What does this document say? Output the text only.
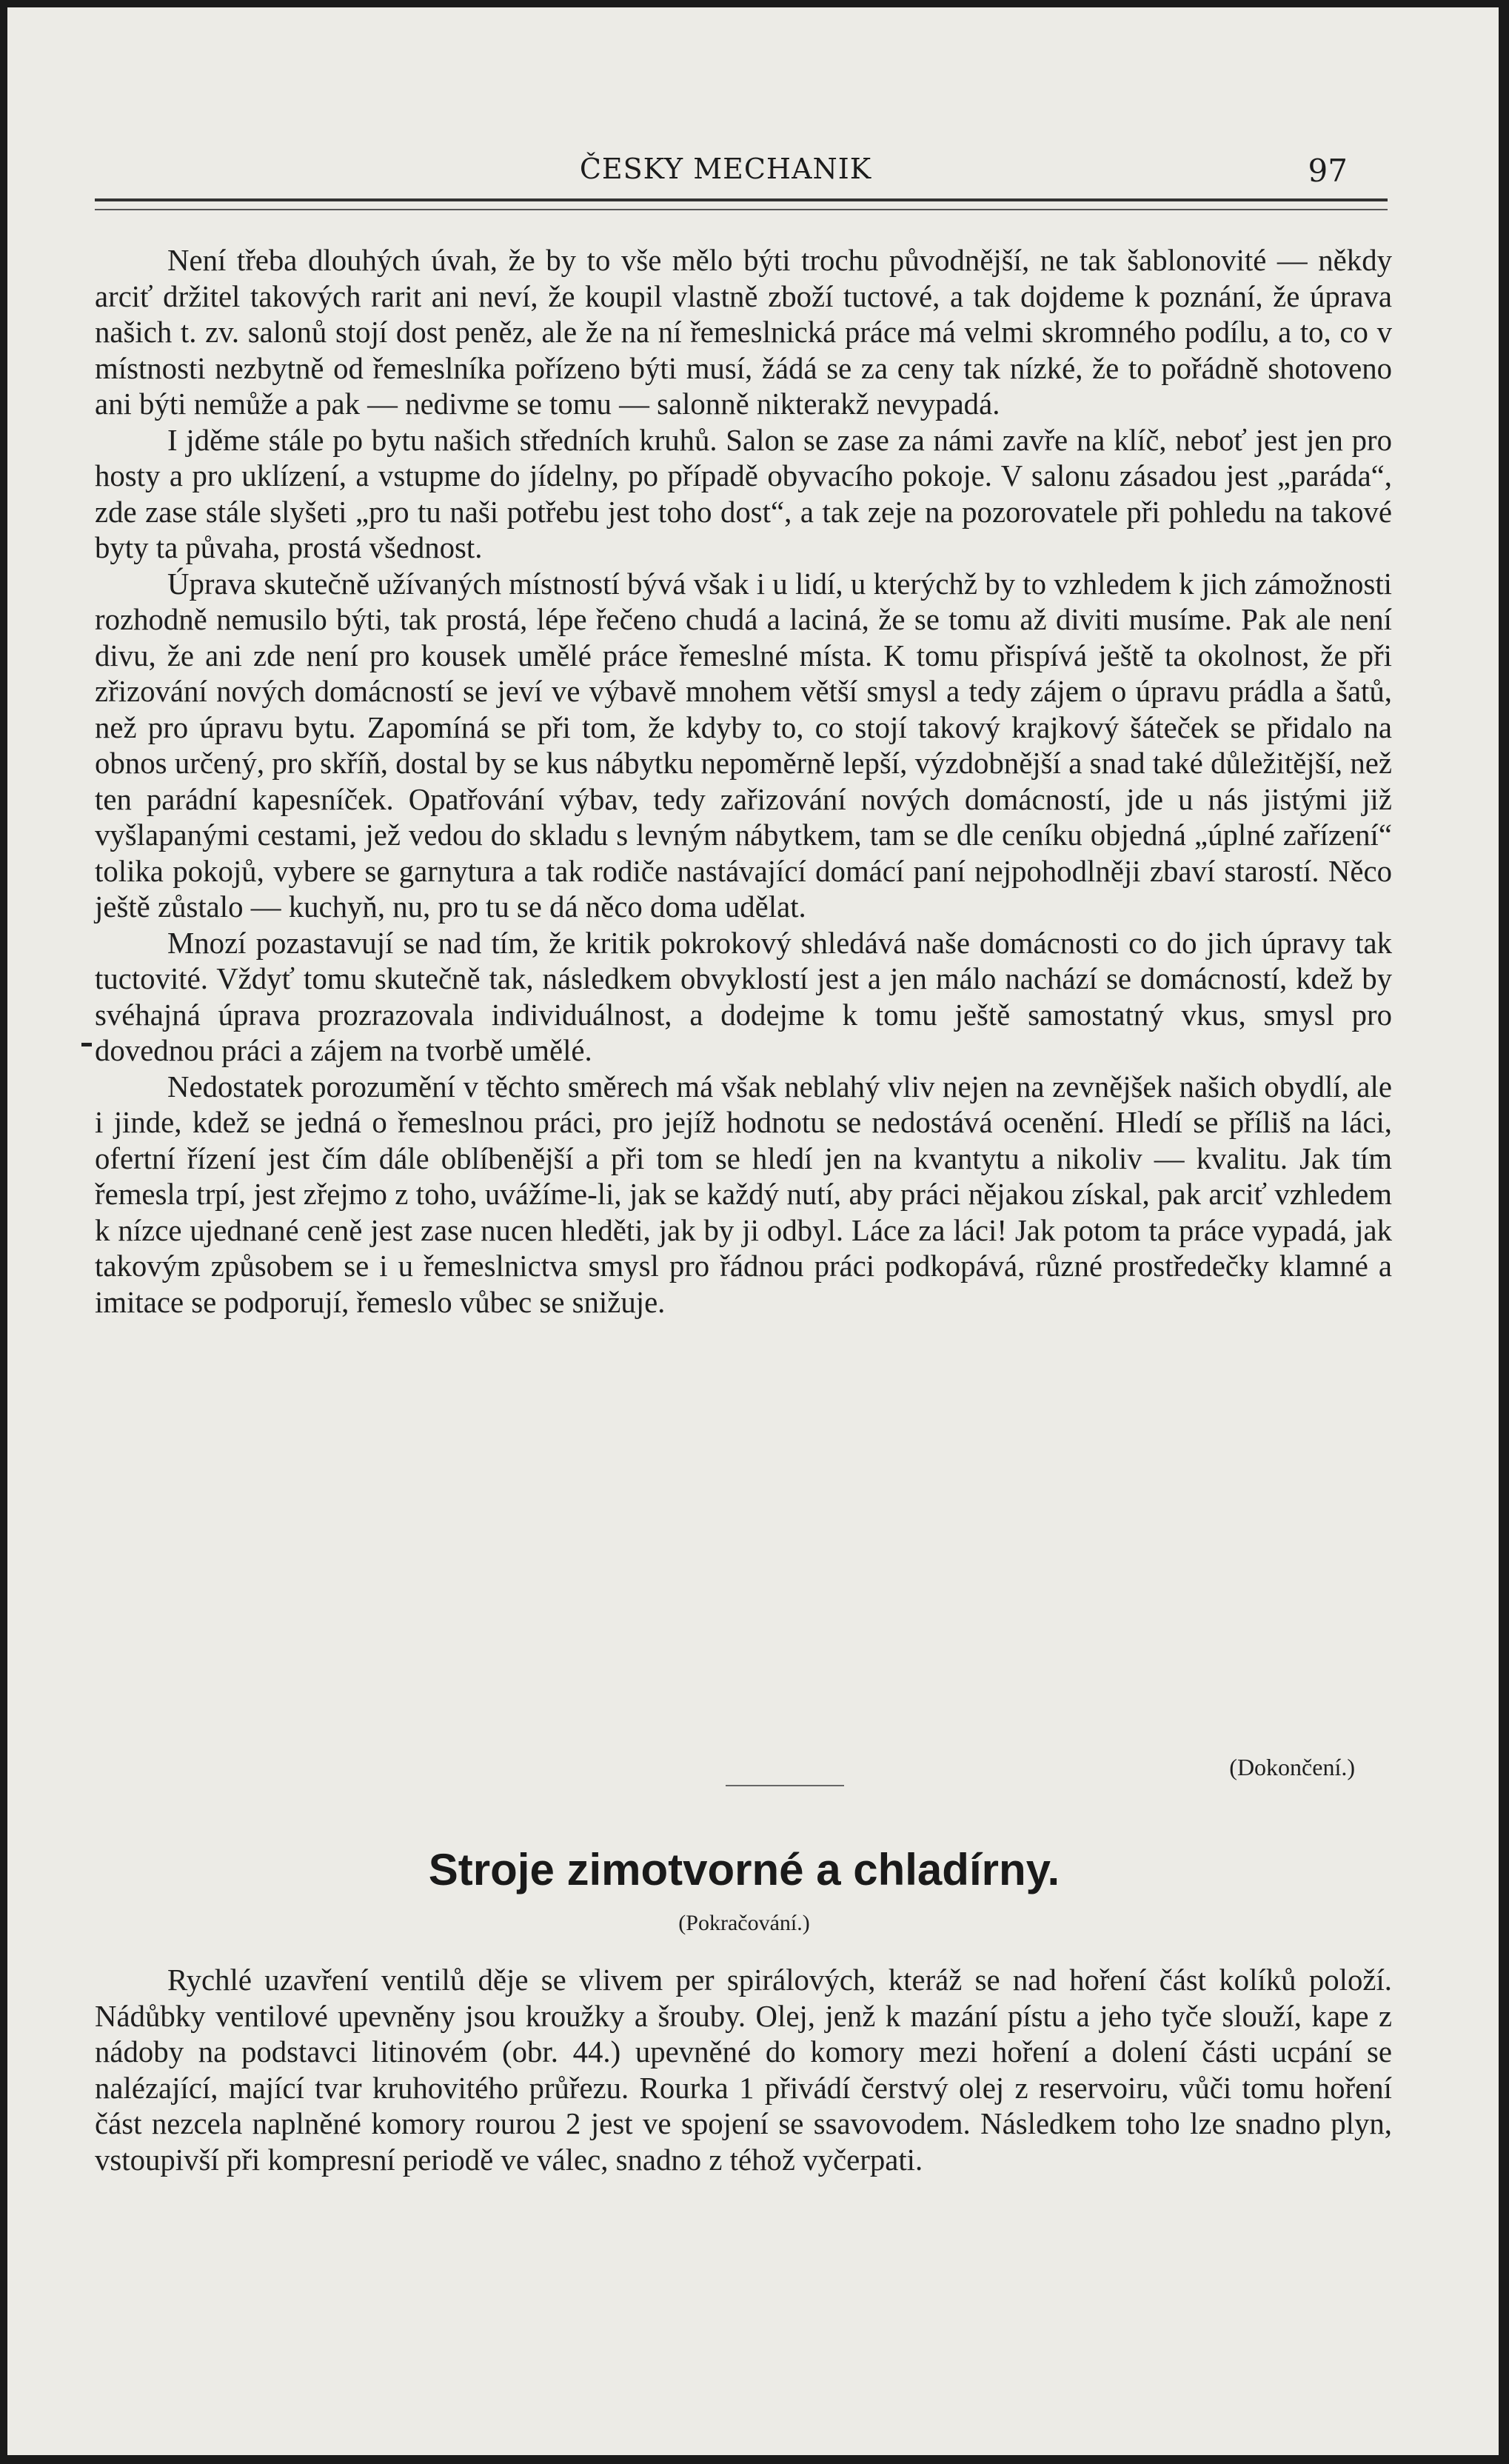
ČESKY MECHANIK	97

Není třeba dlouhých úvah, že by to vše mělo býti trochu původnější, ne tak šablonovité — někdy arciť držitel takových rarit ani neví, že koupil vlastně zboží tuctové, a tak dojdeme k poznání, že úprava našich t. zv. salonů stojí dost peněz, ale že na ní řemeslnická práce má velmi skromného podílu, a to, co v místnosti nezbytně od řemeslníka pořízeno býti musí, žádá se za ceny tak nízké, že to pořádně shotoveno ani býti nemůže a pak — nedivme se tomu — salonně nikterakž nevypadá.

I jděme stále po bytu našich středních kruhů. Salon se zase za námi zavře na klíč, neboť jest jen pro hosty a pro uklízení, a vstupme do jídelny, po případě obyvacího pokoje. V salonu zásadou jest „paráda“, zde zase stále slyšeti „pro tu naši potřebu jest toho dost“, a tak zeje na pozorovatele při pohledu na takové byty ta půvaha, prostá všednost.

Úprava skutečně užívaných místností bývá však i u lidí, u kterýchž by to vzhledem k jich zámožnosti rozhodně nemusilo býti, tak prostá, lépe řečeno chudá a laciná, že se tomu až diviti musíme. Pak ale není divu, že ani zde není pro kousek umělé práce řemeslné místa. K tomu přispívá ještě ta okolnost, že při zřizování nových domácností se jeví ve výbavě mnohem větší smysl a tedy zájem o úpravu prádla a šatů, než pro úpravu bytu. Zapomíná se při tom, že kdyby to, co stojí takový krajkový šáteček se přidalo na obnos určený, pro skříň, dostal by se kus nábytku nepoměrně lepší, výzdobnější a snad také důležitější, než ten parádní kapesníček. Opatřování výbav, tedy zařizování nových domácností, jde u nás jistými již vyšlapanými cestami, jež vedou do skladu s levným nábytkem, tam se dle ceníku objedná „úplné zařízení“ tolika pokojů, vybere se garnytura a tak rodiče nastávající domácí paní nejpohodlněji zbaví starostí. Něco ještě zůstalo — kuchyň, nu, pro tu se dá něco doma udělat.

Mnozí pozastavují se nad tím, že kritik pokrokový shledává naše domácnosti co do jich úpravy tak tuctovité. Vždyť tomu skutečně tak, následkem obvyklostí jest a jen málo nachází se domácností, kdež by svéhajná úprava prozrazovala individuálnost, a dodejme k tomu ještě samostatný vkus, smysl pro dovednou práci a zájem na tvorbě umělé.

Nedostatek porozumění v těchto směrech má však neblahý vliv nejen na zevnějšek našich obydlí, ale i jinde, kdež se jedná o řemeslnou práci, pro jejíž hodnotu se nedostává ocenění. Hledí se příliš na láci, ofertní řízení jest čím dále oblíbenější a při tom se hledí jen na kvantytu a nikoliv — kvalitu. Jak tím řemesla trpí, jest zřejmo z toho, uvážíme-li, jak se každý nutí, aby práci nějakou získal, pak arciť vzhledem k nízce ujednané ceně jest zase nucen hleděti, jak by ji odbyl. Láce za láci! Jak potom ta práce vypadá, jak takovým způsobem se i u řemeslnictva smysl pro řádnou práci podkopává, různé prostředečky klamné a imitace se podporují, řemeslo vůbec se snižuje.

(Dokončení.)
Stroje zimotvorné a chladírny.
(Pokračování.)

Rychlé uzavření ventilů děje se vlivem per spirálových, kteráž se nad hoření část kolíků položí. Nádůbky ventilové upevněny jsou kroužky a šrouby. Olej, jenž k mazání pístu a jeho tyče slouží, kape z nádoby na podstavci litinovém (obr. 44.) upevněné do komory mezi hoření a dolení části ucpání se nalézající, mající tvar kruhovitého průřezu. Rourka 1 přivádí čerstvý olej z reservoiru, vůči tomu hoření část nezcela naplněné komory rourou 2 jest ve spojení se ssavovodem. Následkem toho lze snadno plyn, vstoupivší při kompresní periodě ve válec, snadno z téhož vyčerpati.
